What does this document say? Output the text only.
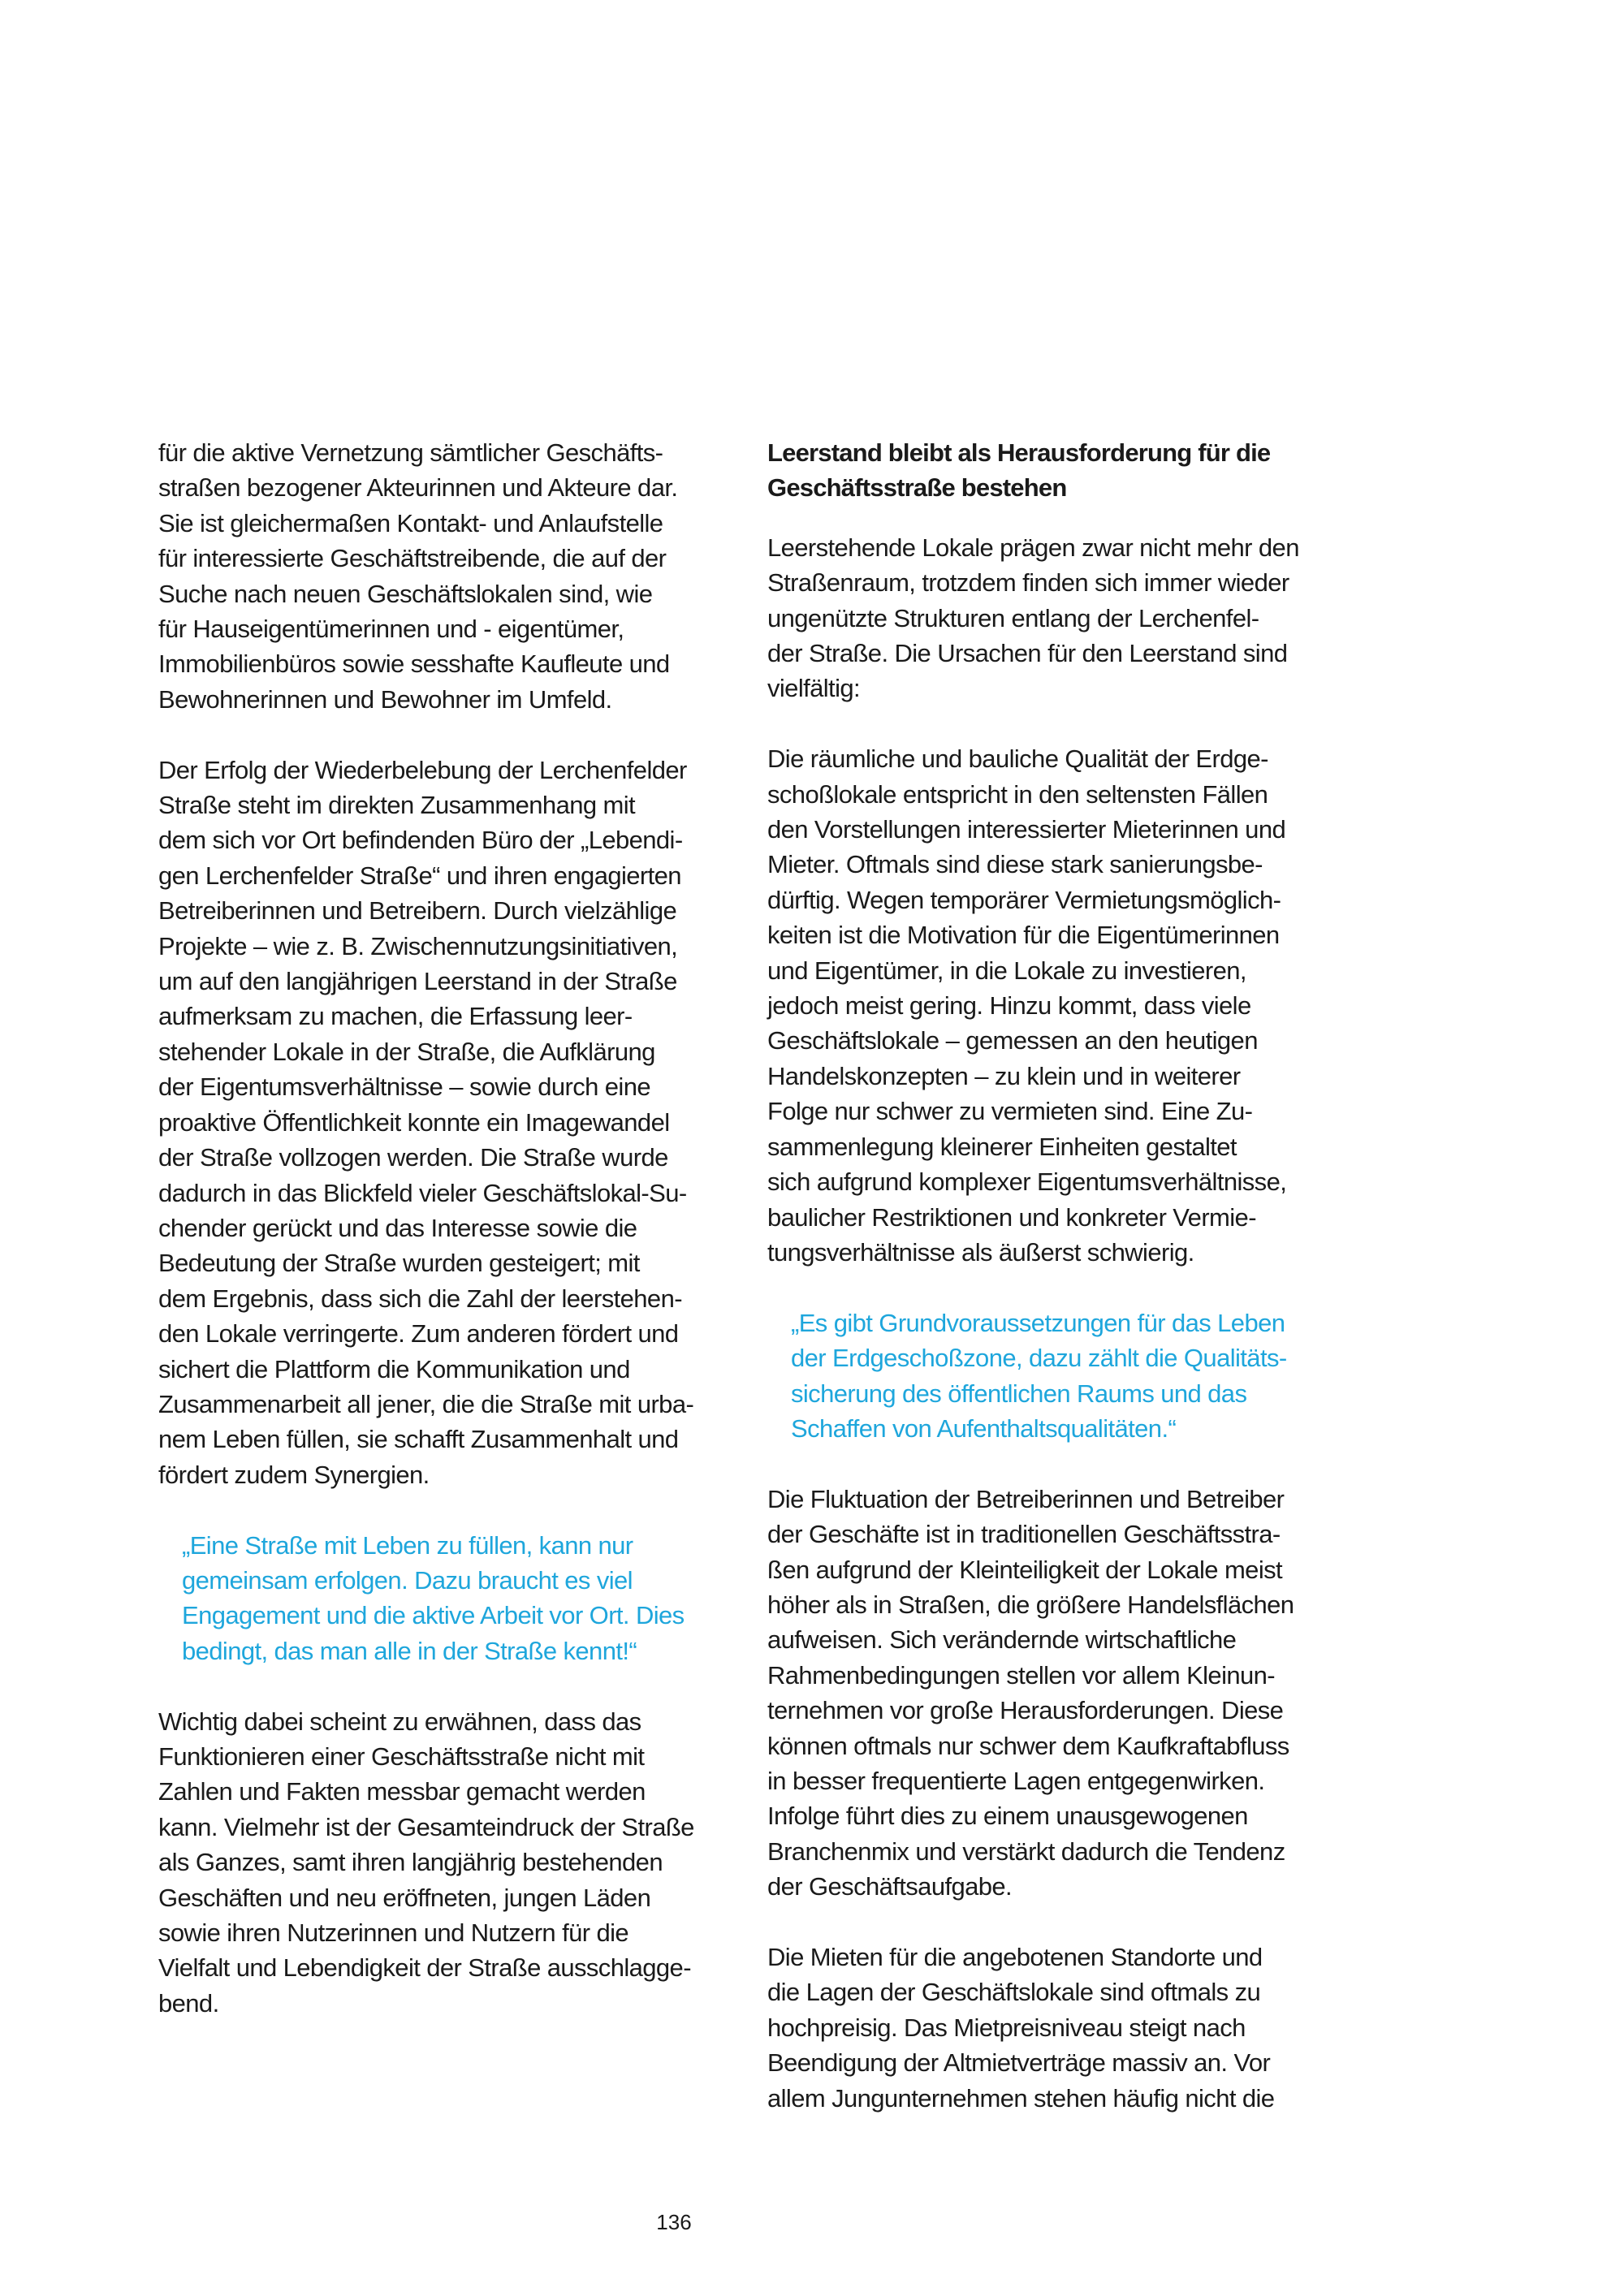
für die aktive Vernetzung sämtlicher Geschäfts-
straßen bezogener Akteurinnen und Akteure dar.
Sie ist gleichermaßen Kontakt- und Anlaufstelle
für interessierte Geschäftstreibende, die auf der
Suche nach neuen Geschäftslokalen sind, wie
für Hauseigentümerinnen und - eigentümer,
Immobilienbüros sowie sesshafte Kaufleute und
Bewohnerinnen und Bewohner im Umfeld.
Der Erfolg der Wiederbelebung der Lerchenfelder
Straße steht im direkten Zusammenhang mit
dem sich vor Ort befindenden Büro der „Lebendi-
gen Lerchenfelder Straße“ und ihren engagierten
Betreiberinnen und Betreibern. Durch vielzählige
Projekte – wie z. B. Zwischennutzungsinitiativen,
um auf den langjährigen Leerstand in der Straße
aufmerksam zu machen, die Erfassung leer-
stehender Lokale in der Straße, die Aufklärung
der Eigentumsverhältnisse – sowie durch eine
proaktive Öffentlichkeit konnte ein Imagewandel
der Straße vollzogen werden. Die Straße wurde
dadurch in das Blickfeld vieler Geschäftslokal-Su-
chender gerückt und das Interesse sowie die
Bedeutung der Straße wurden gesteigert; mit
dem Ergebnis, dass sich die Zahl der leerstehen-
den Lokale verringerte. Zum anderen fördert und
sichert die Plattform die Kommunikation und
Zusammenarbeit all jener, die die Straße mit urba-
nem Leben füllen, sie schafft Zusammenhalt und
fördert zudem Synergien.
„Eine Straße mit Leben zu füllen, kann nur
gemeinsam erfolgen. Dazu braucht es viel
Engagement und die aktive Arbeit vor Ort. Dies
bedingt, das man alle in der Straße kennt!“
Wichtig dabei scheint zu erwähnen, dass das
Funktionieren einer Geschäftsstraße nicht mit
Zahlen und Fakten messbar gemacht werden
kann. Vielmehr ist der Gesamteindruck der Straße
als Ganzes, samt ihren langjährig bestehenden
Geschäften und neu eröffneten, jungen Läden
sowie ihren Nutzerinnen und Nutzern für die
Vielfalt und Lebendigkeit der Straße ausschlagge-
bend.
Leerstand bleibt als Herausforderung für die
Geschäftsstraße bestehen
Leerstehende Lokale prägen zwar nicht mehr den
Straßenraum, trotzdem finden sich immer wieder
ungenützte Strukturen entlang der Lerchenfel-
der Straße. Die Ursachen für den Leerstand sind
vielfältig:
Die räumliche und bauliche Qualität der Erdge-
schoßlokale entspricht in den seltensten Fällen
den Vorstellungen interessierter Mieterinnen und
Mieter. Oftmals sind diese stark sanierungsbe-
dürftig. Wegen temporärer Vermietungsmöglich-
keiten ist die Motivation für die Eigentümerinnen
und Eigentümer, in die Lokale zu investieren,
jedoch meist gering. Hinzu kommt, dass viele
Geschäftslokale – gemessen an den heutigen
Handelskonzepten – zu klein und in weiterer
Folge nur schwer zu vermieten sind. Eine Zu-
sammenlegung kleinerer Einheiten gestaltet
sich aufgrund komplexer Eigentumsverhältnisse,
baulicher Restriktionen und konkreter Vermie-
tungsverhältnisse als äußerst schwierig.
„Es gibt Grundvoraussetzungen für das Leben
der Erdgeschoßzone, dazu zählt die Qualitäts-
sicherung des öffentlichen Raums und das
Schaffen von Aufenthaltsqualitäten.“
Die Fluktuation der Betreiberinnen und Betreiber
der Geschäfte ist in traditionellen Geschäftsstra-
ßen aufgrund der Kleinteiligkeit der Lokale meist
höher als in Straßen, die größere Handelsflächen
aufweisen. Sich verändernde wirtschaftliche
Rahmenbedingungen stellen vor allem Kleinun-
ternehmen vor große Herausforderungen. Diese
können oftmals nur schwer dem Kaufkraftabfluss
in besser frequentierte Lagen entgegenwirken.
Infolge führt dies zu einem unausgewogenen
Branchenmix und verstärkt dadurch die Tendenz
der Geschäftsaufgabe.
Die Mieten für die angebotenen Standorte und
die Lagen der Geschäftslokale sind oftmals zu
hochpreisig. Das Mietpreisniveau steigt nach
Beendigung der Altmietverträge massiv an. Vor
allem Jungunternehmen stehen häufig nicht die
136
